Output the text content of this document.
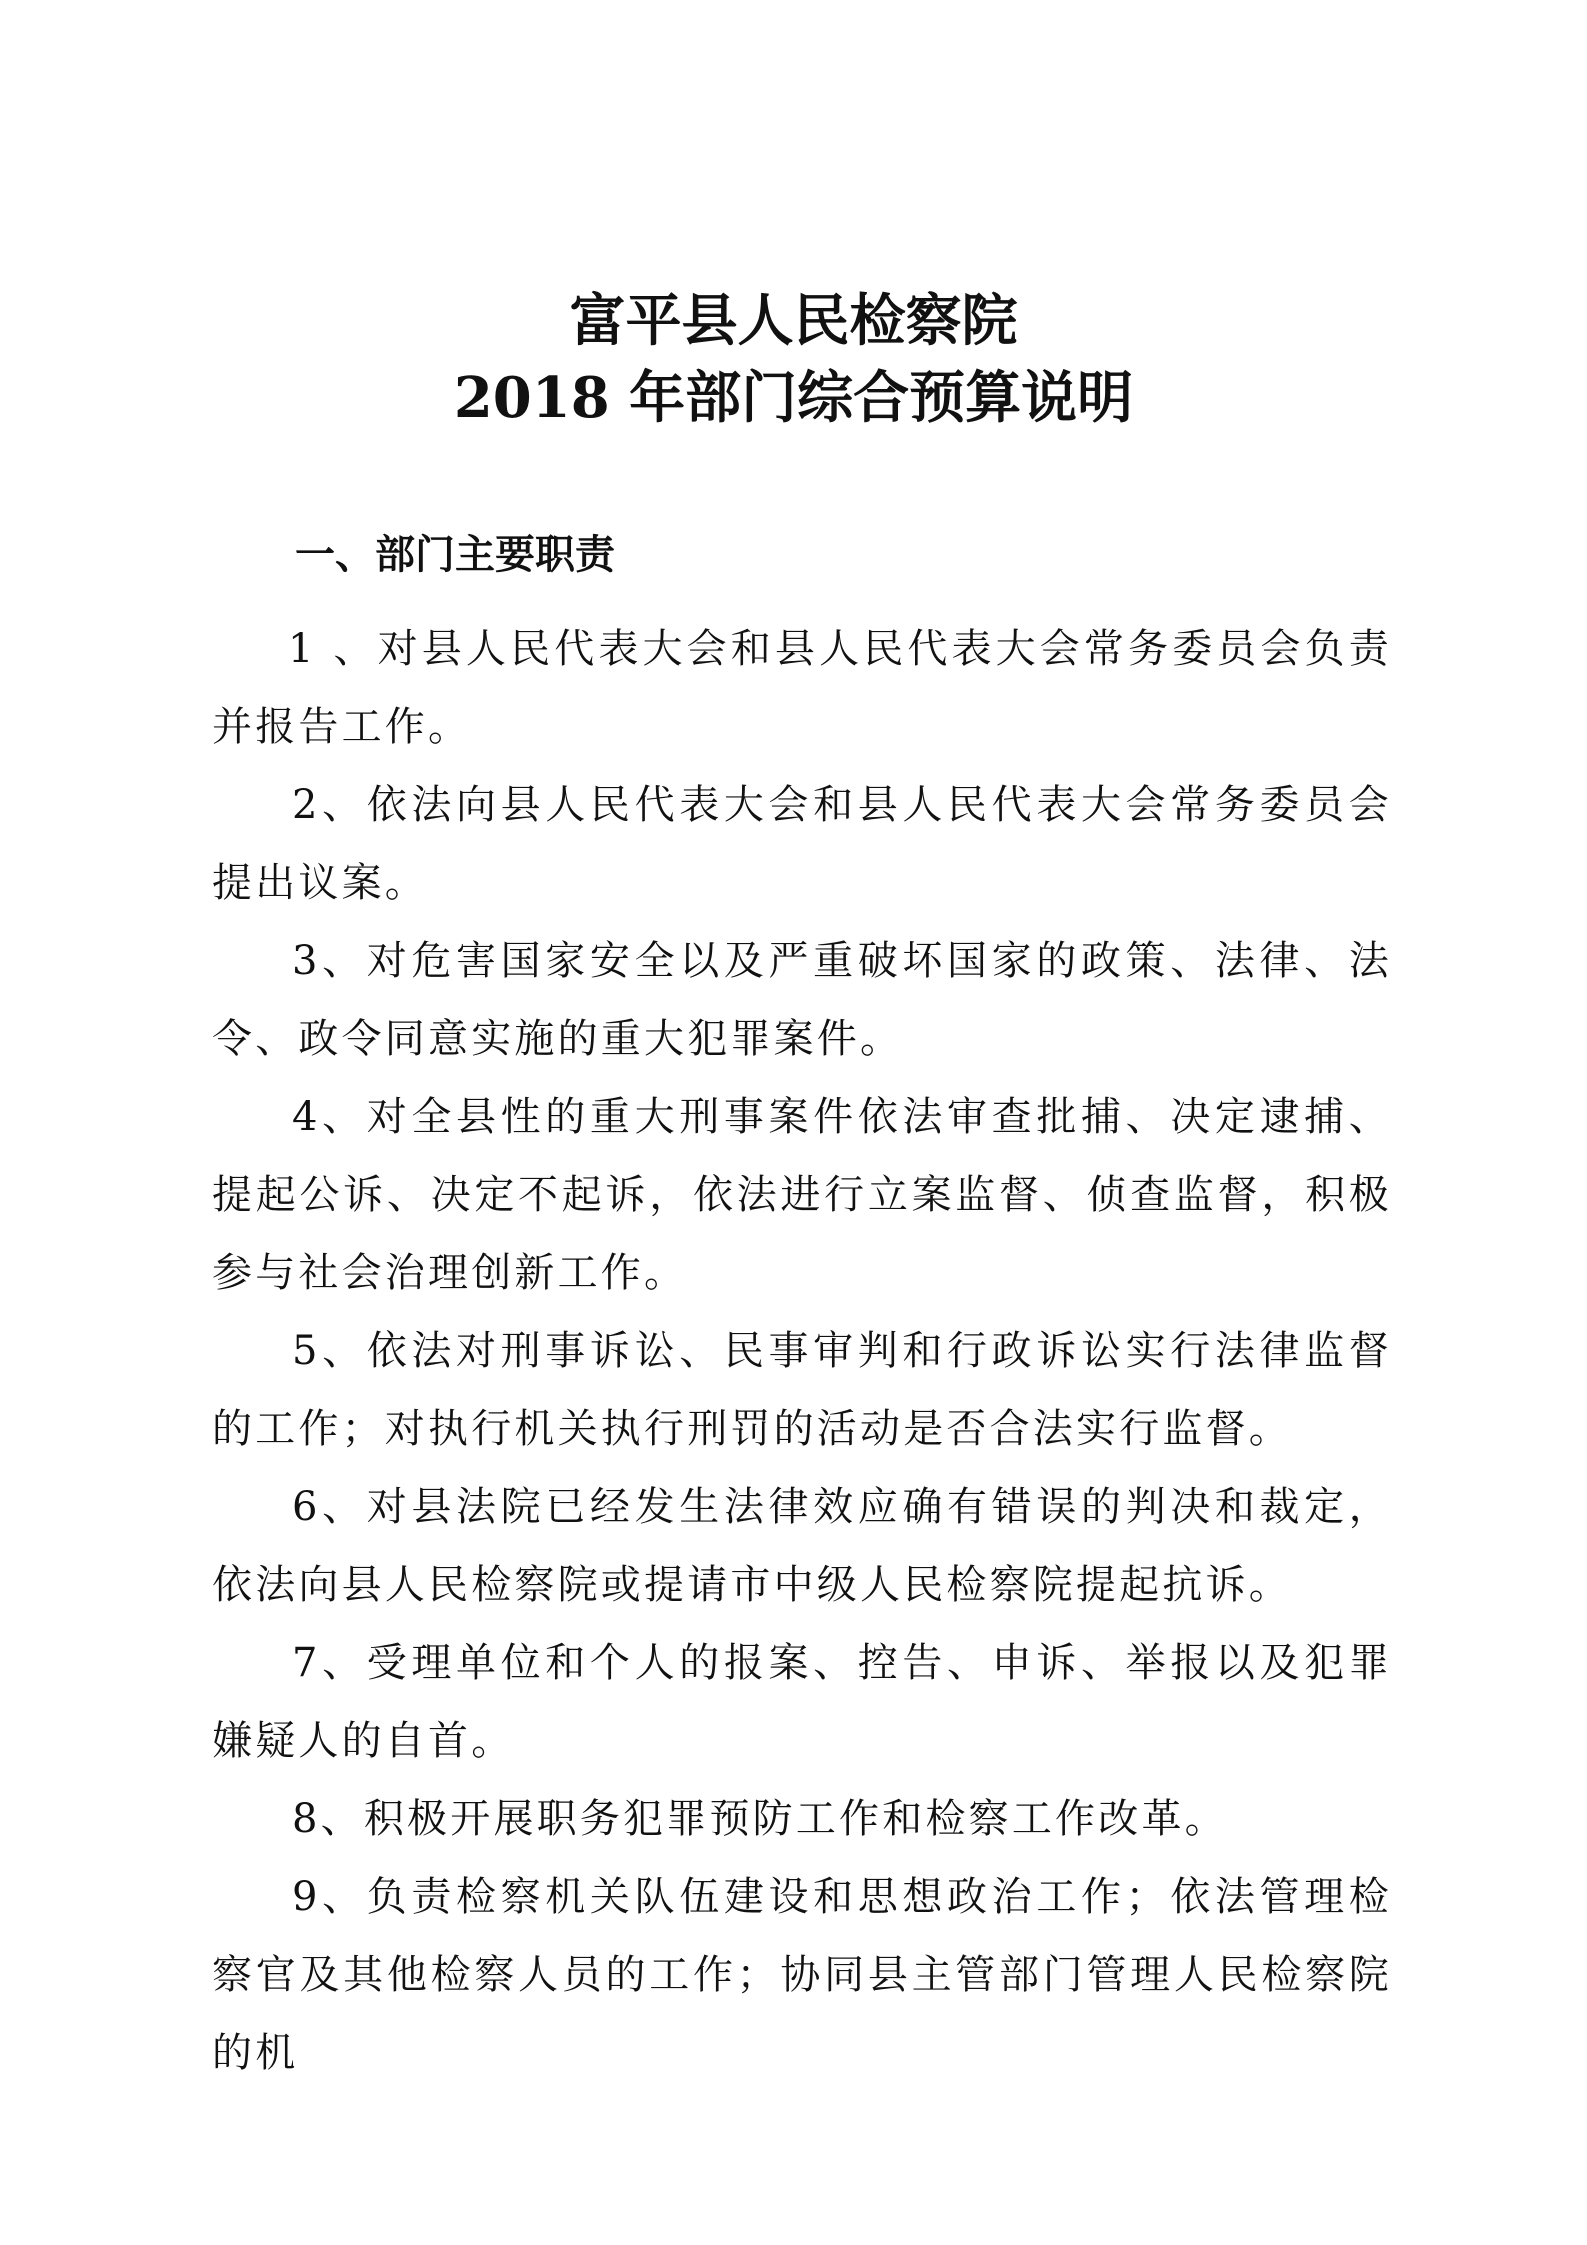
富平县人民检察院
2018 年部门综合预算说明
一、部门主要职责

1 、对县人民代表大会和县人民代表大会常务委员会负责并报告工作。

2、依法向县人民代表大会和县人民代表大会常务委员会提出议案。

3、对危害国家安全以及严重破坏国家的政策、法律、法令、政令同意实施的重大犯罪案件。

4、对全县性的重大刑事案件依法审查批捕、决定逮捕、提起公诉、决定不起诉，依法进行立案监督、侦查监督，积极参与社会治理创新工作。

5、依法对刑事诉讼、民事审判和行政诉讼实行法律监督的工作；对执行机关执行刑罚的活动是否合法实行监督。

6、对县法院已经发生法律效应确有错误的判决和裁定，依法向县人民检察院或提请市中级人民检察院提起抗诉。

7、受理单位和个人的报案、控告、申诉、举报以及犯罪嫌疑人的自首。

8、积极开展职务犯罪预防工作和检察工作改革。

9、负责检察机关队伍建设和思想政治工作；依法管理检察官及其他检察人员的工作；协同县主管部门管理人民检察院的机
